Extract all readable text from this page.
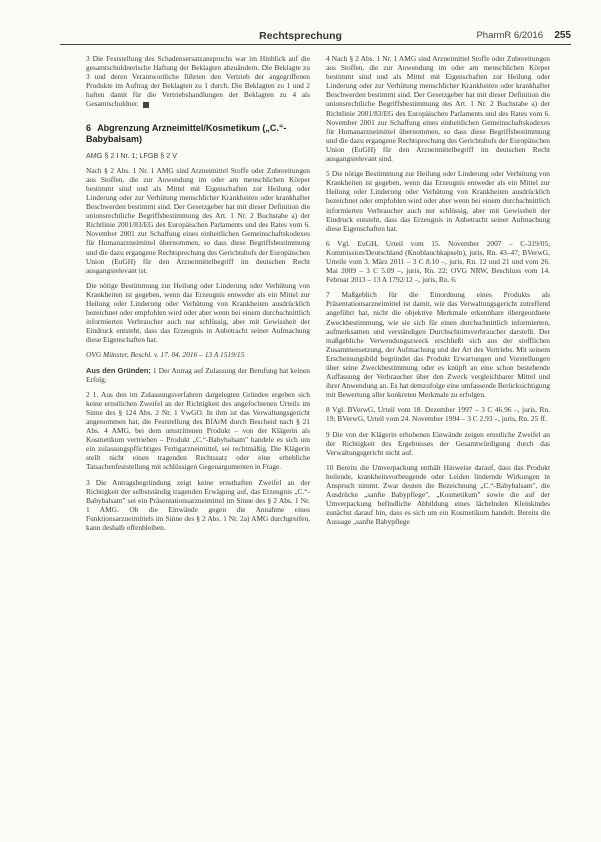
Rechtsprechung	PharmR 6/2016 255

3 Die Feststellung des Schadensersatzanspruchs war im Hinblick auf die gesamtschuldnerische Haftung der Beklagten abzuändern. Die Beklagte zu 3 und deren Verantwortliche führten den Vertrieb der angegriffenen Produkte im Auftrag der Beklagten zu 1 durch. Die Beklagten zu 1 und 2 haften damit für die Vertriebshandlungen der Beklagten zu 4 als Gesamtschuldner.

6 Abgrenzung Arzneimittel/Kosmetikum („C.“-Babybalsam)
AMG § 2 I Nr. 1; LFGB § 2 V

Nach § 2 Abs. 1 Nr. 1 AMG sind Arzneimittel Stoffe oder Zubereitungen aus Stoffen, die zur Anwendung im oder am menschlichen Körper bestimmt sind und als Mittel mit Eigenschaften zur Heilung oder Linderung oder zur Verhütung menschlicher Krankheiten oder krankhafter Beschwerden bestimmt sind. Der Gesetzgeber hat mit dieser Definition die unionsrechtliche Begriffsbestimmung des Art. 1 Nr. 2 Buchstabe a) der Richtlinie 2001/83/EG des Europäischen Parlaments und des Rates vom 6. November 2001 zur Schaffung eines einheitlichen Gemeinschaftskodexes für Humanarzneimittel übernommen, so dass diese Begriffsbestimmung und die dazu ergangene Rechtsprechung des Gerichtshofs der Europäischen Union (EuGH) für den Arzneimittelbegriff im deutschen Recht ausgangsrelevant ist.

Die nötige Bestimmung zur Heilung oder Linderung oder Verhütung von Krankheiten ist gegeben, wenn das Erzeugnis entweder als ein Mittel zur Heilung oder Linderung oder Verhütung von Krankheiten ausdrücklich bezeichnet oder empfohlen wird oder aber wenn bei einem durchschnittlich informierten Verbraucher auch nur schlüssig, aber mit Gewissheit der Eindruck entsteht, dass das Erzeugnis in Anbetracht seiner Aufmachung diese Eigenschaften hat.

OVG Münster, Beschl. v. 17. 04. 2016 – 13 A 1519/15

Aus den Gründen: 1 Der Antrag auf Zulassung der Berufung hat keinen Erfolg.

2 1. Aus den im Zulassungsverfahren dargelegten Gründen ergeben sich keine ernstlichen Zweifel an der Richtigkeit des angefochtenen Urteils im Sinne des § 124 Abs. 2 Nr. 1 VwGO. In ihm ist das Verwaltungsgericht angenommen hat, die Feststellung des BfArM durch Bescheid nach § 21 Abs. 4 AMG, bei dem umstrittenen Produkt – von der Klägerin als Kosmetikum vertrieben – Produkt „C.“-Babybalsam" handele es sich um ein zulassungspflichtiges Fertigarzneimittel, sei rechtmäßig. Die Klägerin stellt nicht einen tragenden Rechtssatz oder eine erhebliche Tatsachenfeststellung mit schlüssigen Gegenargumenten in Frage.

3 Die Antragsbegründung zeigt keine ernsthaften Zweifel an der Richtigkeit der selbstständig tragenden Erwägung auf, das Erzeugnis „C.“-Babybalsam" sei ein Präsentationsarzneimittel im Sinne des § 2 Abs. 1 Nr. 1 AMG. Ob die Einwände gegen die Annahme eines Funktionsarzneimittels im Sinne des § 2 Abs. 1 Nr. 2a) AMG durchgreifen, kann deshalb offenbleiben.

4 Nach § 2 Abs. 1 Nr. 1 AMG sind Arzneimittel Stoffe oder Zubereitungen aus Stoffen, die zur Anwendung im oder am menschlichen Körper bestimmt sind und als Mittel mit Eigenschaften zur Heilung oder Linderung oder zur Verhütung menschlicher Krankheiten oder krankhafter Beschwerden bestimmt sind. Der Gesetzgeber hat mit dieser Definition die unionsrechtliche Begriffsbestimmung des Art. 1 Nr. 2 Buchstabe a) der Richtlinie 2001/83/EG des Europäischen Parlaments und des Rates vom 6. November 2001 zur Schaffung eines einheitlichen Gemeinschaftskodexes für Humanarzneimittel übernommen, so dass diese Begriffsbestimmung und die dazu ergangene Rechtsprechung des Gerichtshofs der Europäischen Union (EuGH) für den Arzneimittelbegriff im deutschen Recht ausgangsrelevant sind.

5 Die nötige Bestimmung zur Heilung oder Linderung oder Verhütung von Krankheiten ist gegeben, wenn das Erzeugnis entweder als ein Mittel zur Heilung oder Linderung oder Verhütung von Krankheiten ausdrücklich bezeichnet oder empfohlen wird oder aber wenn bei einem durchschnittlich informierten Verbraucher auch nur schlüssig, aber mit Gewissheit der Eindruck entsteht, dass das Erzeugnis in Anbetracht seiner Aufmachung diese Eigenschaften hat.

6 Vgl. EuGH, Urteil vom 15. November 2007 – C-319/05, Kommission/Deutschland (Knoblauchkapseln), juris, Rn. 43–47; BVerwG, Urteile vom 3. März 2011 – 3 C 8.10 –, juris, Rn. 12 und 21 und vom 26. Mai 2009 – 3 C 5.09 –, juris, Rn. 22; OVG NRW, Beschluss vom 14. Februar 2013 – 13 A 1792/12 –, juris, Rn. 6.

7 Maßgeblich für die Einordnung eines Produkts als Präsentationsarzneimittel ist damit, wie das Verwaltungsgericht zutreffend angeführt hat, nicht die objektive Merkmale erkennbare übergeordnete Zweckbestimmung, wie sie sich für einen durchschnittlich informierten, aufmerksamen und verständigen Durchschnittsverbraucher darstellt. Der maßgebliche Verwendungszweck erschließt sich aus der stofflichen Zusammensetzung, der Aufmachung und der Art des Vertriebs. Mit seinem Erscheinungsbild begründet das Produkt Erwartungen und Vorstellungen über seine Zweckbestimmung oder es knüpft an eine schon bestehende Auffassung der Verbraucher über den Zweck vergleichbarer Mittel und ihrer Anwendung an. Es hat demzufolge eine umfassende Berücksichtigung mit Bewertung aller konkreten Merkmale zu erfolgen.

8 Vgl. BVerwG, Urteil vom 18. Dezember 1997 – 3 C 46.96 –, juris, Rn. 19; BVerwG, Urteil vom 24. November 1994 – 3 C 2.93 –, juris, Rn. 25 ff.

9 Die von der Klägerin erhobenen Einwände zeigen ernstliche Zweifel an der Richtigkeit des Ergebnisses der Gesamtwürdigung durch das Verwaltungsgericht nicht auf.

10 Bereits die Umverpackung enthält Hinweise darauf, dass das Produkt heilende, krankheitsvorbeugende oder Leiden lindernde Wirkungen in Anspruch nimmt. Zwar deuten die Bezeichnung „C.“-Babybalsam", die Ausdrücke „sanfte Babypflege", „Kosmetikum" sowie die auf der Umverpackung befindliche Abbildung eines lächelnden Kleinkindes zunächst darauf hin, dass es sich um ein Kosmetikum handelt. Bereits die Aussage „sanfte Babypflege
